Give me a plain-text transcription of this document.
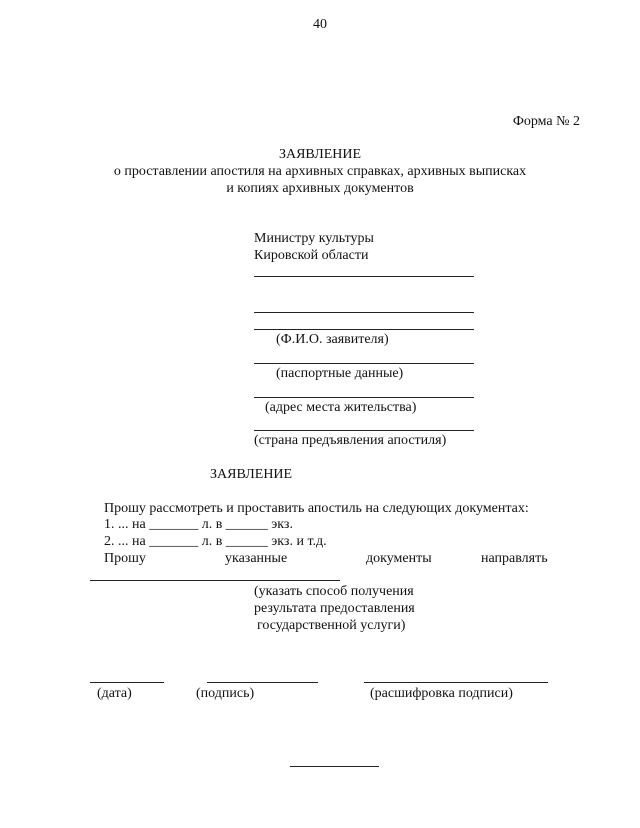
40
Форма № 2
ЗАЯВЛЕНИЕ
о проставлении апостиля на архивных справках, архивных выписках
и копиях архивных документов
Министру культуры
Кировской области
(Ф.И.О. заявителя)
(паспортные данные)
(адрес места жительства)
(страна предъявления апостиля)
ЗАЯВЛЕНИЕ
Прошу рассмотреть и проставить апостиль на следующих документах:
1. ... на _______ л. в ______ экз.
2. ... на _______ л. в ______ экз. и т.д.
Прошу	указанные	документы	направлять
(указать способ получения
результата предоставления
государственной услуги)
(дата)	(подпись)	(расшифровка подписи)
